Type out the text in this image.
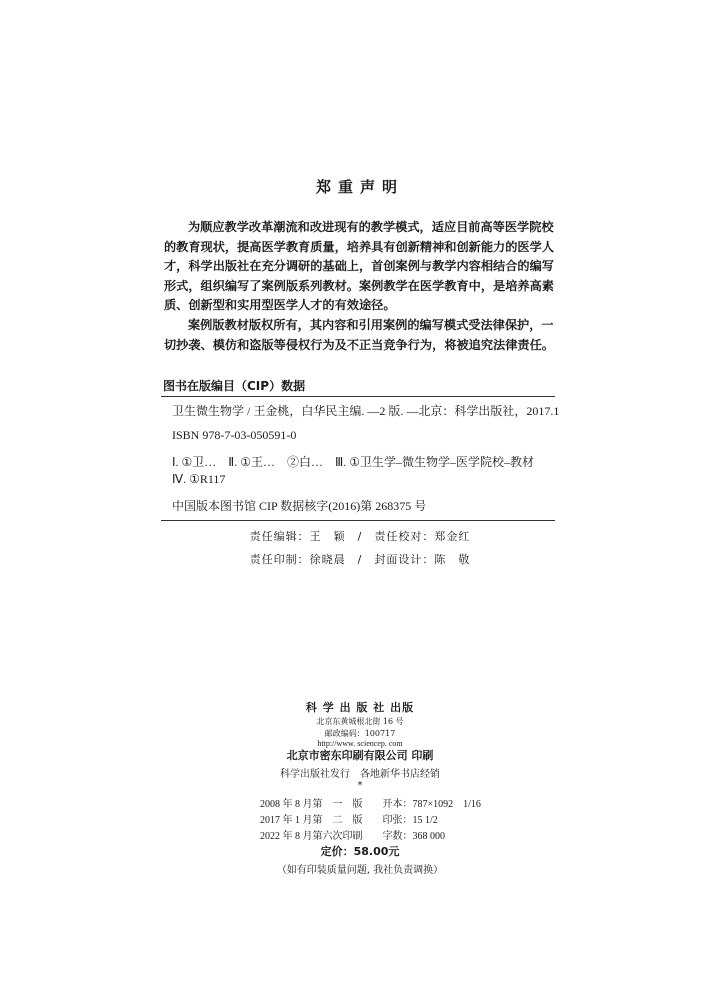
郑重声明
为顺应教学改革潮流和改进现有的教学模式，适应目前高等医学院校
的教育现状，提高医学教育质量，培养具有创新精神和创新能力的医学人
才，科学出版社在充分调研的基础上，首创案例与教学内容相结合的编写
形式，组织编写了案例版系列教材。案例教学在医学教育中，是培养高素
质、创新型和实用型医学人才的有效途径。
案例版教材版权所有，其内容和引用案例的编写模式受法律保护，一
切抄袭、模仿和盗版等侵权行为及不正当竞争行为，将被追究法律责任。
图书在版编目（CIP）数据
卫生微生物学 / 王金桃，白华民主编. —2 版. —北京：科学出版社，2017.1
ISBN 978-7-03-050591-0
Ⅰ. ①卫…　Ⅱ. ①王…　②白…　Ⅲ. ①卫生学–微生物学–医学院校–教材
Ⅳ. ①R117
中国版本图书馆 CIP 数据核字(2016)第 268375 号
责任编辑：王　颖　/　责任校对：郑金红
责任印制：徐晓晨　/　封面设计：陈　敬
科 学 出 版 社 出版
北京东黄城根北街 16 号
邮政编码：100717
http://www. sciencep. com
北京市密东印刷有限公司 印刷
科学出版社发行　各地新华书店经销
*
2008 年 8 月第　一　版　　开本：787×1092　1/16
2017 年 1 月第　二　版　　印张：15 1/2
2022 年 8 月第六次印刷　　字数：368 000
定价：58.00元
（如有印装质量问题, 我社负责调换）
